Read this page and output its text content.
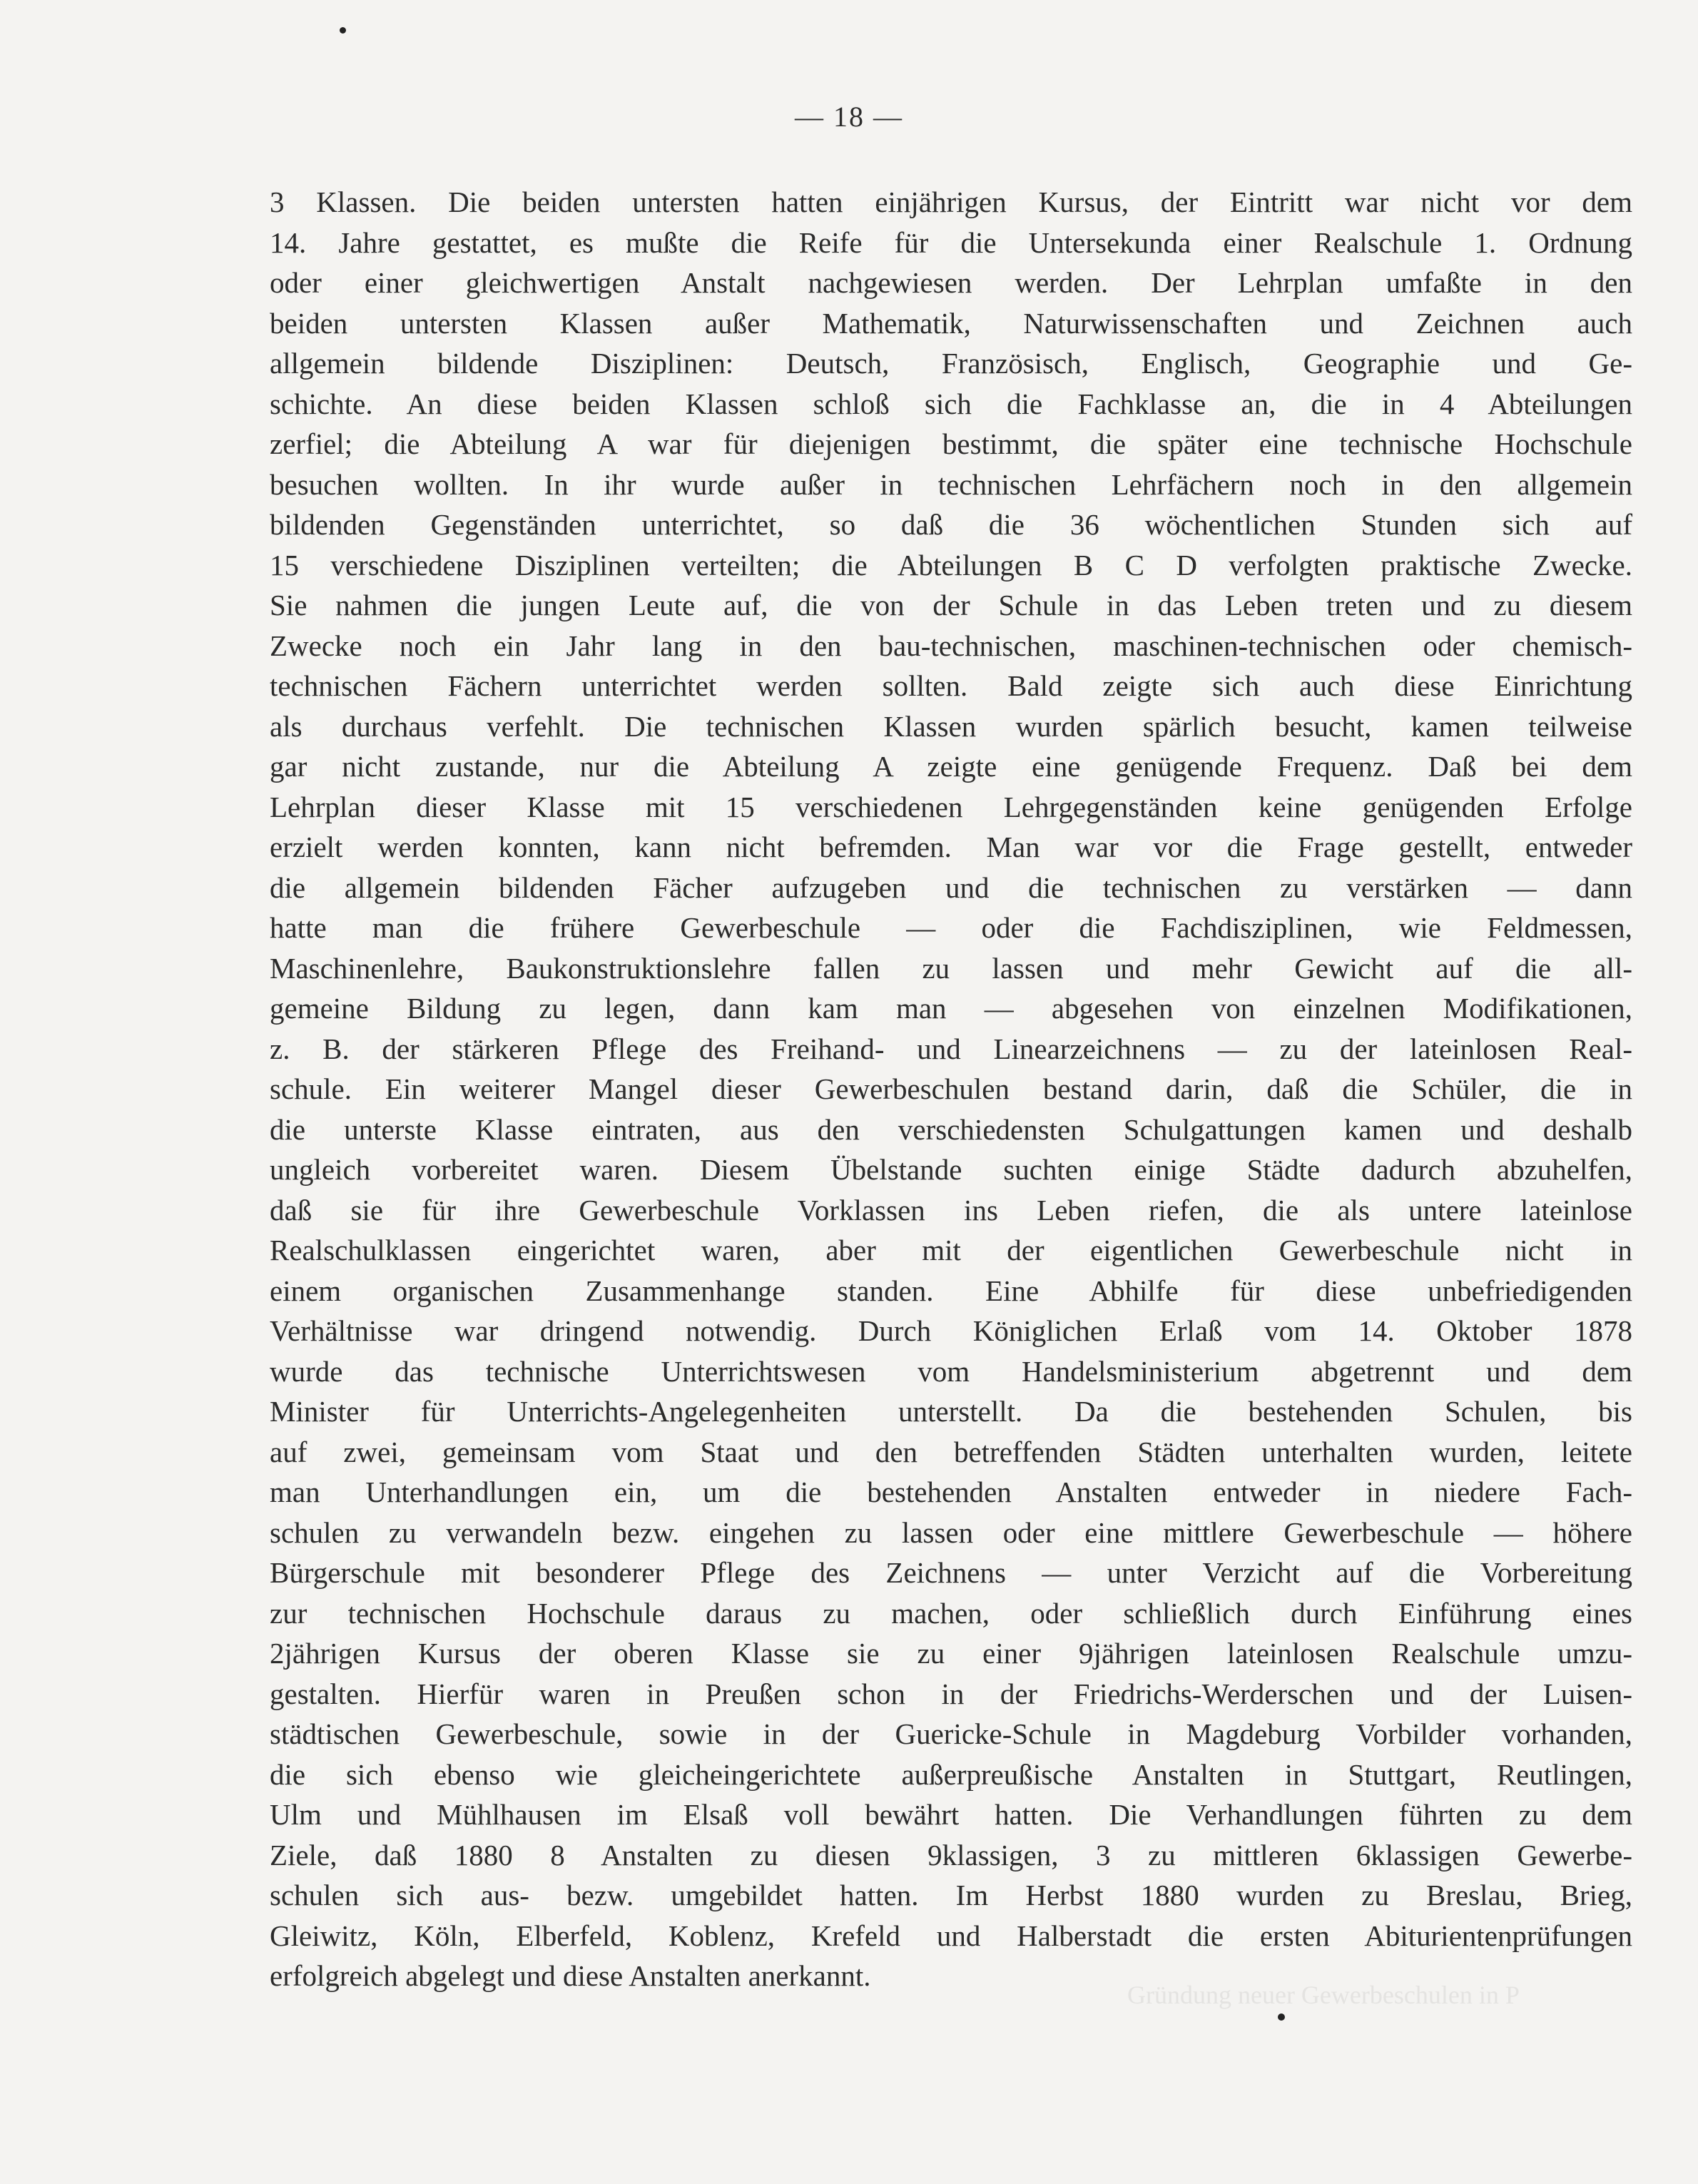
— 18 —
Gründung neuer Gewerbeschulen in P
3 Klassen. Die beiden untersten hatten einjährigen Kursus, der Eintritt war nicht vor dem
14. Jahre gestattet, es mußte die Reife für die Untersekunda einer Realschule 1. Ordnung
oder einer gleichwertigen Anstalt nachgewiesen werden. Der Lehrplan umfaßte in den
beiden untersten Klassen außer Mathematik, Naturwissenschaften und Zeichnen auch
allgemein bildende Disziplinen: Deutsch, Französisch, Englisch, Geographie und Ge-
schichte. An diese beiden Klassen schloß sich die Fachklasse an, die in 4 Abteilungen
zerfiel; die Abteilung A war für diejenigen bestimmt, die später eine technische Hochschule
besuchen wollten. In ihr wurde außer in technischen Lehrfächern noch in den allgemein
bildenden Gegenständen unterrichtet, so daß die 36 wöchentlichen Stunden sich auf
15 verschiedene Disziplinen verteilten; die Abteilungen B C D verfolgten praktische Zwecke.
Sie nahmen die jungen Leute auf, die von der Schule in das Leben treten und zu diesem
Zwecke noch ein Jahr lang in den bau-technischen, maschinen-technischen oder chemisch-
technischen Fächern unterrichtet werden sollten. Bald zeigte sich auch diese Einrichtung
als durchaus verfehlt. Die technischen Klassen wurden spärlich besucht, kamen teilweise
gar nicht zustande, nur die Abteilung A zeigte eine genügende Frequenz. Daß bei dem
Lehrplan dieser Klasse mit 15 verschiedenen Lehrgegenständen keine genügenden Erfolge
erzielt werden konnten, kann nicht befremden. Man war vor die Frage gestellt, entweder
die allgemein bildenden Fächer aufzugeben und die technischen zu verstärken — dann
hatte man die frühere Gewerbeschule — oder die Fachdisziplinen, wie Feldmessen,
Maschinenlehre, Baukonstruktionslehre fallen zu lassen und mehr Gewicht auf die all-
gemeine Bildung zu legen, dann kam man — abgesehen von einzelnen Modifikationen,
z. B. der stärkeren Pflege des Freihand- und Linearzeichnens — zu der lateinlosen Real-
schule. Ein weiterer Mangel dieser Gewerbeschulen bestand darin, daß die Schüler, die in
die unterste Klasse eintraten, aus den verschiedensten Schulgattungen kamen und deshalb
ungleich vorbereitet waren. Diesem Übelstande suchten einige Städte dadurch abzuhelfen,
daß sie für ihre Gewerbeschule Vorklassen ins Leben riefen, die als untere lateinlose
Realschulklassen eingerichtet waren, aber mit der eigentlichen Gewerbeschule nicht in
einem organischen Zusammenhange standen. Eine Abhilfe für diese unbefriedigenden
Verhältnisse war dringend notwendig. Durch Königlichen Erlaß vom 14. Oktober 1878
wurde das technische Unterrichtswesen vom Handelsministerium abgetrennt und dem
Minister für Unterrichts-Angelegenheiten unterstellt. Da die bestehenden Schulen, bis
auf zwei, gemeinsam vom Staat und den betreffenden Städten unterhalten wurden, leitete
man Unterhandlungen ein, um die bestehenden Anstalten entweder in niedere Fach-
schulen zu verwandeln bezw. eingehen zu lassen oder eine mittlere Gewerbeschule — höhere
Bürgerschule mit besonderer Pflege des Zeichnens — unter Verzicht auf die Vorbereitung
zur technischen Hochschule daraus zu machen, oder schließlich durch Einführung eines
2jährigen Kursus der oberen Klasse sie zu einer 9jährigen lateinlosen Realschule umzu-
gestalten. Hierfür waren in Preußen schon in der Friedrichs-Werderschen und der Luisen-
städtischen Gewerbeschule, sowie in der Guericke-Schule in Magdeburg Vorbilder vorhanden,
die sich ebenso wie gleicheingerichtete außerpreußische Anstalten in Stuttgart, Reutlingen,
Ulm und Mühlhausen im Elsaß voll bewährt hatten. Die Verhandlungen führten zu dem
Ziele, daß 1880 8 Anstalten zu diesen 9klassigen, 3 zu mittleren 6klassigen Gewerbe-
schulen sich aus- bezw. umgebildet hatten. Im Herbst 1880 wurden zu Breslau, Brieg,
Gleiwitz, Köln, Elberfeld, Koblenz, Krefeld und Halberstadt die ersten Abiturientenprüfungen
erfolgreich abgelegt und diese Anstalten anerkannt.
